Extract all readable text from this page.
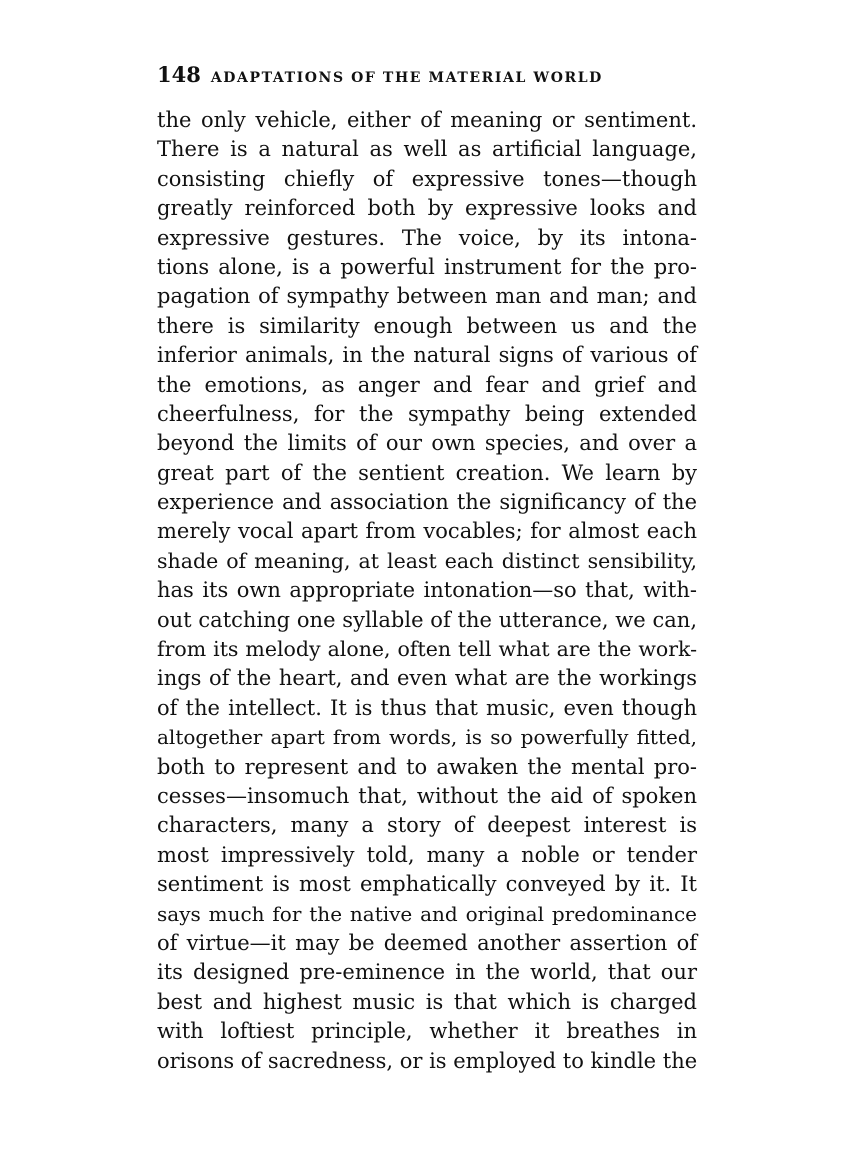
148 ADAPTATIONS OF THE MATERIAL WORLD
the only vehicle, either of meaning or sentiment.
There is a natural as well as artificial language,
consisting chiefly of expressive tones—though
greatly reinforced both by expressive looks and
expressive gestures. The voice, by its intona-
tions alone, is a powerful instrument for the pro-
pagation of sympathy between man and man; and
there is similarity enough between us and the
inferior animals, in the natural signs of various of
the emotions, as anger and fear and grief and
cheerfulness, for the sympathy being extended
beyond the limits of our own species, and over a
great part of the sentient creation. We learn by
experience and association the significancy of the
merely vocal apart from vocables; for almost each
shade of meaning, at least each distinct sensibility,
has its own appropriate intonation—so that, with-
out catching one syllable of the utterance, we can,
from its melody alone, often tell what are the work-
ings of the heart, and even what are the workings
of the intellect. It is thus that music, even though
altogether apart from words, is so powerfully fitted,
both to represent and to awaken the mental pro-
cesses—insomuch that, without the aid of spoken
characters, many a story of deepest interest is
most impressively told, many a noble or tender
sentiment is most emphatically conveyed by it. It
says much for the native and original predominance
of virtue—it may be deemed another assertion of
its designed pre-eminence in the world, that our
best and highest music is that which is charged
with loftiest principle, whether it breathes in
orisons of sacredness, or is employed to kindle the
